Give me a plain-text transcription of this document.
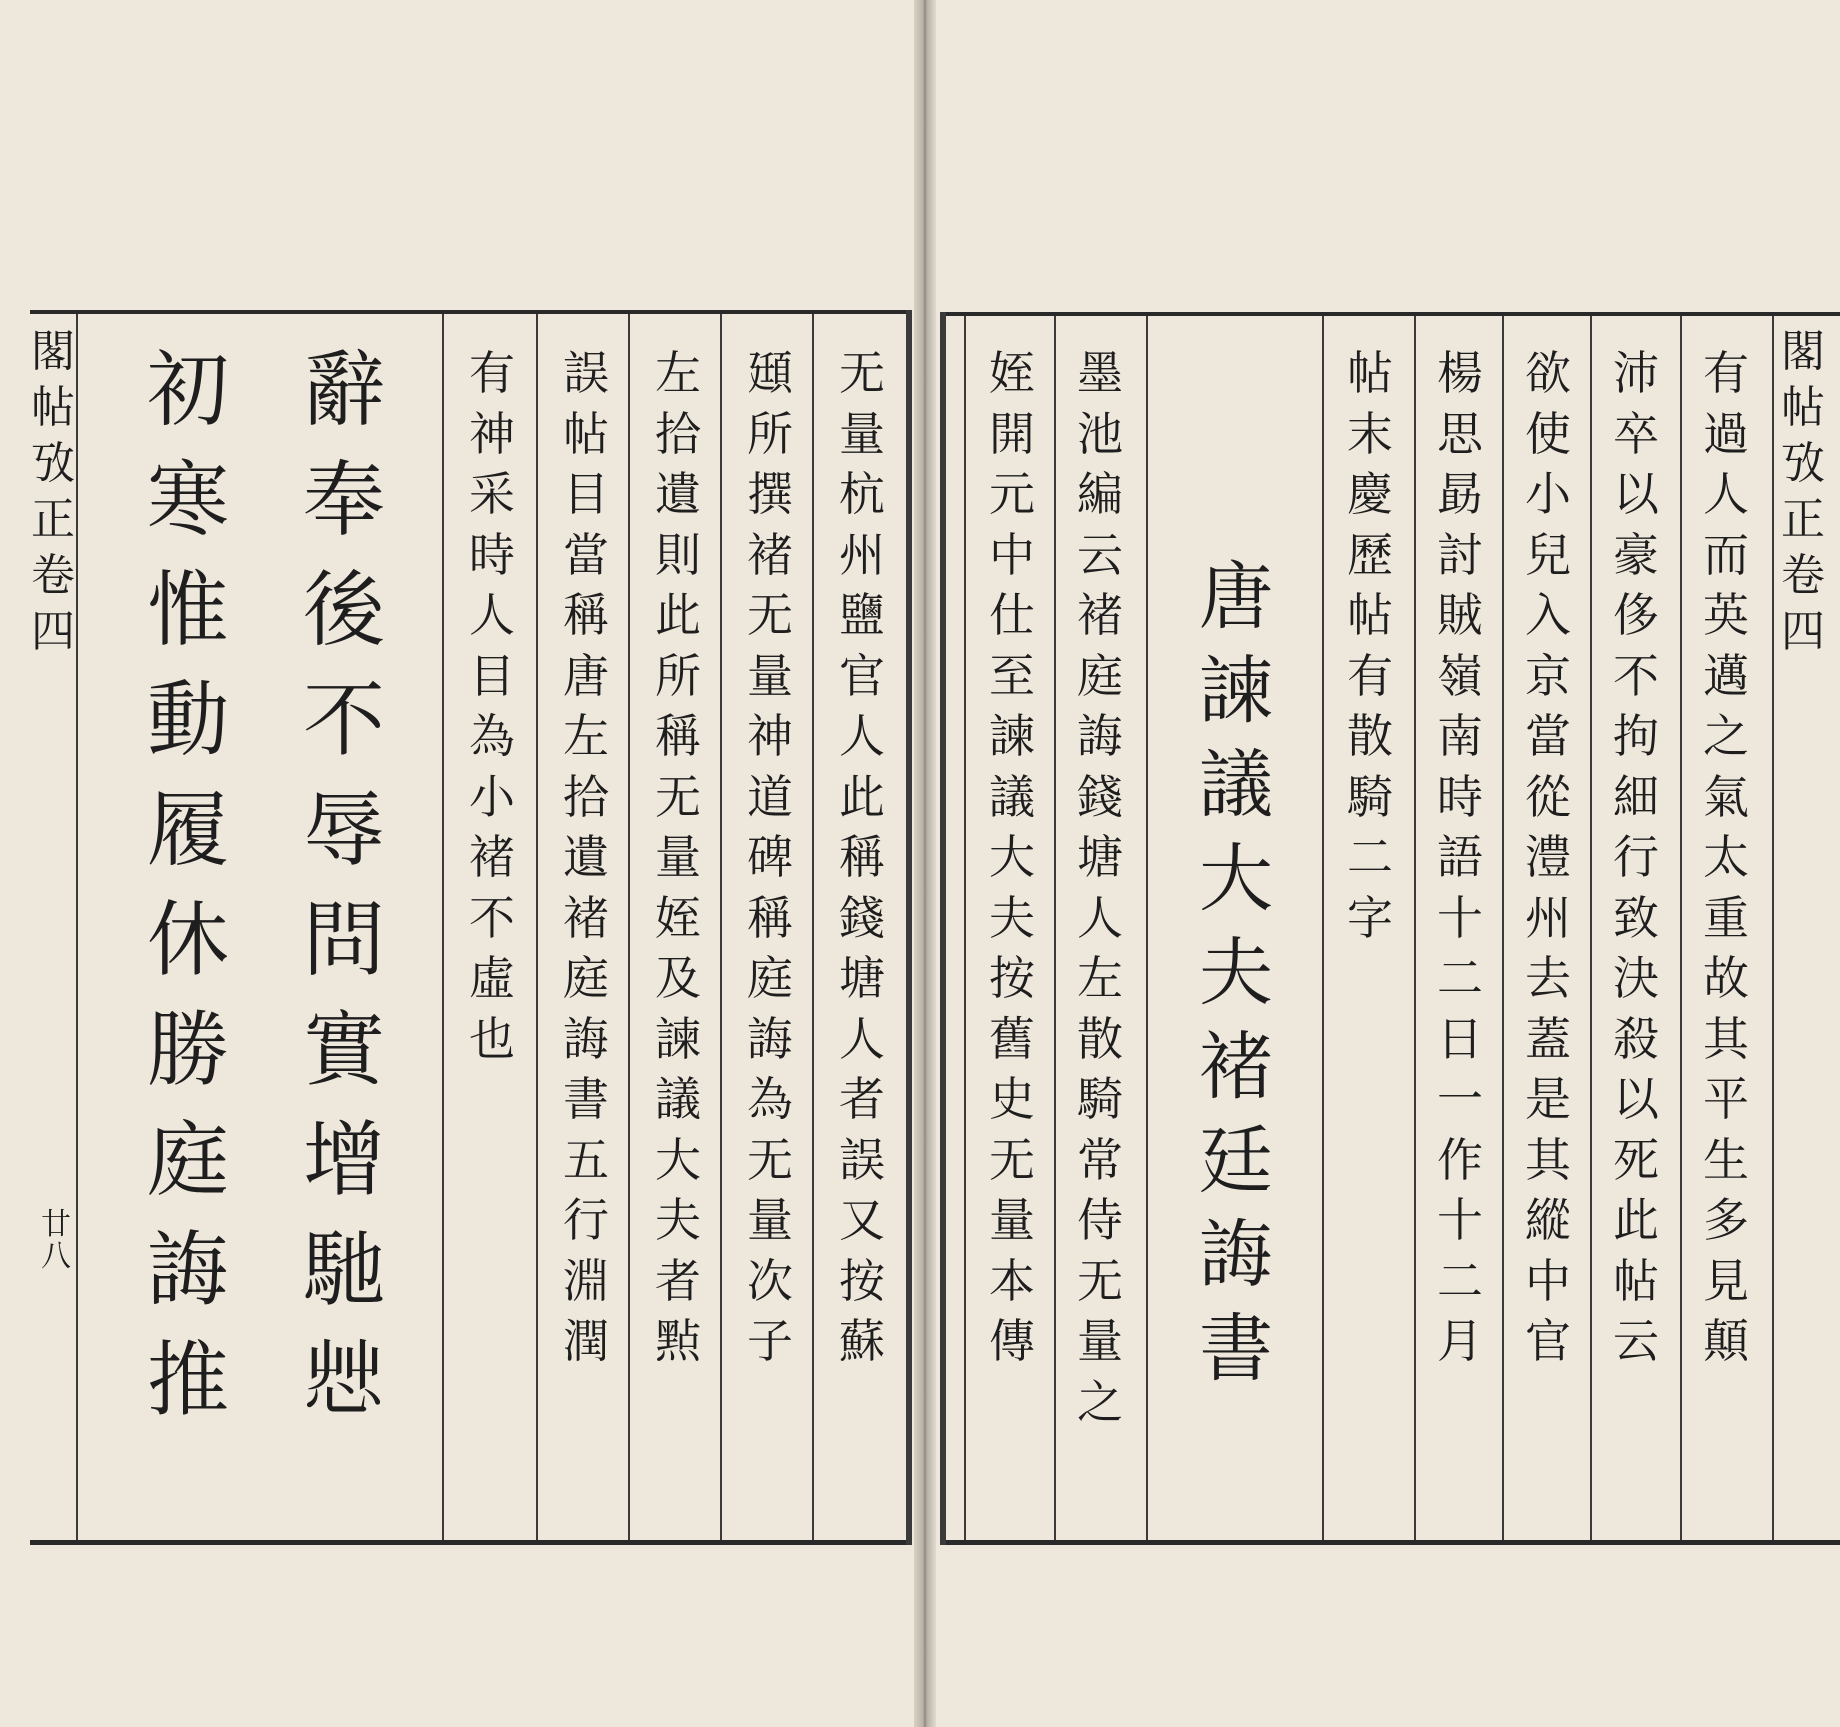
閣
帖
攷
正
卷
四
廿
八
无
量
杭
州
鹽
官
人
此
稱
錢
塘
人
者
誤
又
按
蘇
頲
所
撰
褚
无
量
神
道
碑
稱
庭
誨
為
无
量
次
子
左
拾
遺
則
此
所
稱
无
量
姪
及
諫
議
大
夫
者
㸃
誤
帖
目
當
稱
唐
左
拾
遺
褚
庭
誨
書
五
行
淵
潤
有
神
采
時
人
目
為
小
褚
不
虛
也
辭
奉
後
不
辱
問
實
增
馳
𢘿
初
寒
惟
動
履
休
勝
庭
誨
推
閣
帖
攷
正
卷
四
有
過
人
而
英
邁
之
氣
太
重
故
其
平
生
多
見
顛
沛
卒
以
豪
侈
不
拘
細
行
致
決
殺
以
死
此
帖
云
欲
使
小
兒
入
京
當
從
澧
州
去
蓋
是
其
縱
中
官
楊
思
勗
討
賊
嶺
南
時
語
十
二
日
一
作
十
二
月
帖
末
慶
歷
帖
有
散
騎
二
字
唐
諫
議
大
夫
褚
廷
誨
書
墨
池
編
云
褚
庭
誨
錢
塘
人
左
散
騎
常
侍
无
量
之
姪
開
元
中
仕
至
諫
議
大
夫
按
舊
史
无
量
本
傳
